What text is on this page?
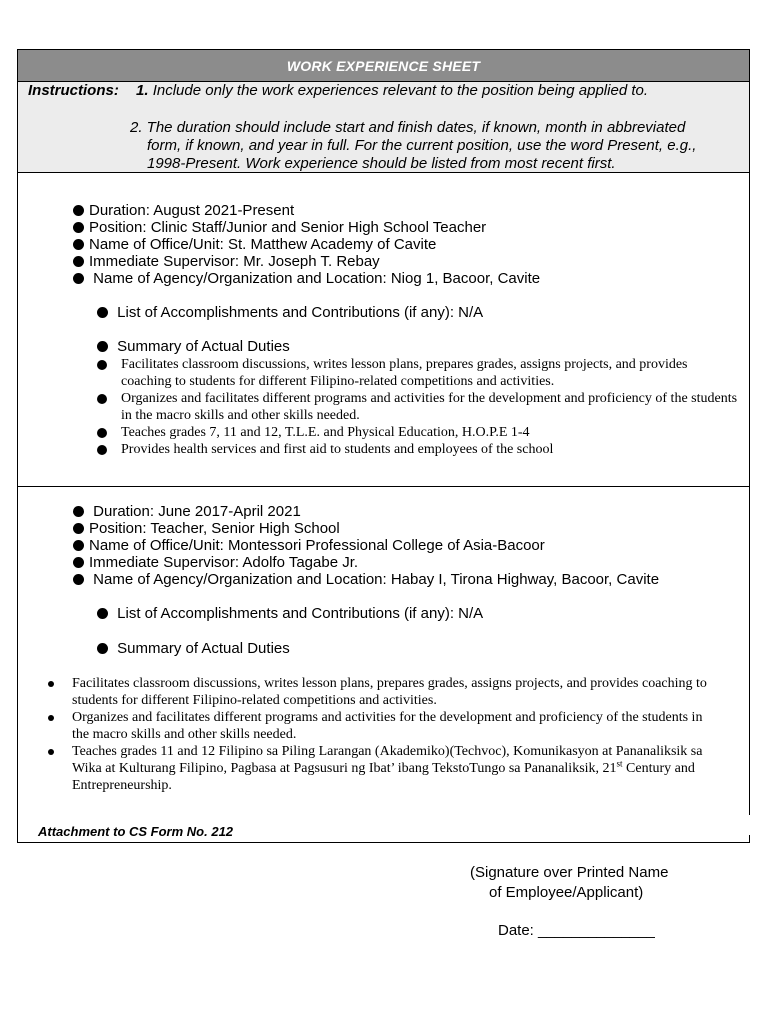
WORK EXPERIENCE SHEET
Instructions: 1. Include only the work experiences relevant to the position being applied to.
2. The duration should include start and finish dates, if known, month in abbreviated
form, if known, and year in full. For the current position, use the word Present, e.g.,
1998-Present. Work experience should be listed from most recent first.
Duration: August 2021-Present
Position: Clinic Staff/Junior and Senior High School Teacher
Name of Office/Unit: St. Matthew Academy of Cavite
Immediate Supervisor: Mr. Joseph T. Rebay
Name of Agency/Organization and Location: Niog 1, Bacoor, Cavite
List of Accomplishments and Contributions (if any): N/A
Summary of Actual Duties
Facilitates classroom discussions, writes lesson plans, prepares grades, assigns projects, and provides coaching to students for different Filipino-related competitions and activities.
Organizes and facilitates different programs and activities for the development and proficiency of the students in the macro skills and other skills needed.
Teaches grades 7, 11 and 12, T.L.E. and Physical Education, H.O.P.E 1-4
Provides health services and first aid to students and employees of the school
Duration: June 2017-April 2021
Position: Teacher, Senior High School
Name of Office/Unit: Montessori Professional College of Asia-Bacoor
Immediate Supervisor: Adolfo Tagabe Jr.
Name of Agency/Organization and Location: Habay I, Tirona Highway, Bacoor, Cavite
List of Accomplishments and Contributions (if any): N/A
Summary of Actual Duties
Facilitates classroom discussions, writes lesson plans, prepares grades, assigns projects, and provides coaching to students for different Filipino-related competitions and activities.
Organizes and facilitates different programs and activities for the development and proficiency of the students in the macro skills and other skills needed.
Teaches grades 11 and 12 Filipino sa Piling Larangan (Akademiko)(Techvoc), Komunikasyon at Pananaliksik sa Wika at Kulturang Filipino, Pagbasa at Pagsusuri ng Ibat’ ibang TekstoTungo sa Pananaliksik, 21st Century and Entrepreneurship.
Attachment to CS Form No. 212
(Signature over Printed Name
of Employee/Applicant)
Date: ______________
